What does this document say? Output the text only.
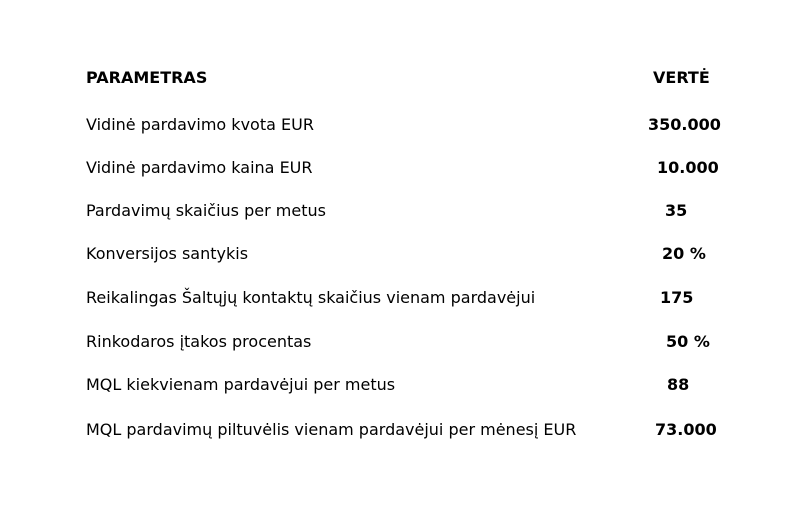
PARAMETRAS	VERTĖ
Vidinė pardavimo kvota EUR	350.000
Vidinė pardavimo kaina EUR	10.000
Pardavimų skaičius per metus	35
Konversijos santykis	20 %
Reikalingas Šaltųjų kontaktų skaičius vienam pardavėjui	175
Rinkodaros įtakos procentas	50 %
MQL kiekvienam pardavėjui per metus	88
MQL pardavimų piltuvėlis vienam pardavėjui per mėnesį EUR	73.000
